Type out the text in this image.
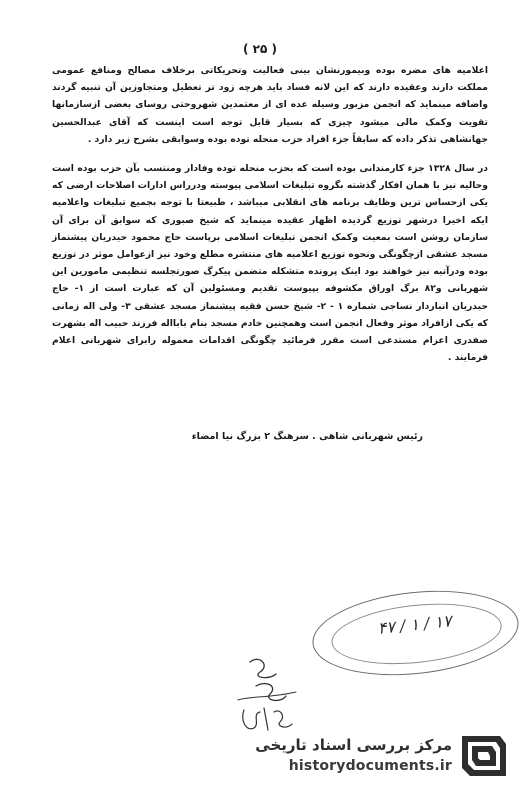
( ۲۵ )

اعلامیه های مضره بوده وبیمورنشان بینی فعالیت وتحریکاتی برخلاف مصالح ومنافع عمومی مملکت دارند وعقیده دارند که این لانه فساد باید هرچه زود تر تعطیل ومتجاوزین آن تنبیه گردند واضافه مینماید که انجمن مزبور وسیله عده ای از معتمدین شهروحتی روسای بعضی ازسازمانها تقویت وکمک مالی میشود چیزی که بسیار قابل توجه است اینست که آقای عبدالحسین جهانشاهی تذکر داده که سابقاً جزء افراد حزب منحله توده بوده وسوابقی بشرح زیر دارد .

در سال ۱۳۲۸ جزء کارمندانی بوده است که بحزب منحله توده وفادار ومنتسب بآن حزب بوده است وحالیه نیز با همان افکار گذشته بگروه تبلیغات اسلامی پیوسته ودرراس ادارات اصلاحات ارضی که یکی ازحساس ترین وظایف برنامه های انقلابی میباشد ، طبیعتا با توجه بجمیع تبلیغات واعلامیه ایکه اخیرا درشهر توزیع گردیده اظهار عقیده مینماید که شیخ صبوری که سوابق آن برای آن سازمان روشن است بمعیت وکمک انجمن تبلیغات اسلامی برپاست حاج محمود حیدریان پیشنماز مسجد عشقی ازچگونگی ونحوه توزیع اعلامیه های منتشره مطلع وخود نیز ازعوامل موثر در توزیع بوده ودرآتیه نیز خواهند بود اینک پرونده متشکله متضمن پیکرگ صورتجلسه تنظیمی مامورین این شهربانی و۸۲ برگ اوراق مکشوفه بپیوست تقدیم ومسئولین آن که عبارت است از ۱- حاج حیدریان انباردار نساجی شماره ۱ - ۲- شیخ حسن فقیه پیشنماز مسجد عشقی ۳- ولی اله زمانی که یکی ازافراد موثر وفعال انجمن است وهمچنین خادم مسجد بنام بابااله فرزند حبیب اله بشهرت صفدری اعزام مستدعی است مقرر فرمائید چگونگی اقدامات معموله رابرای شهربانی اعلام فرمایند .

رئیس شهربانی شاهی . سرهنگ ۲ بزرگ نیا امضاء
۱۷ / ۱ / ۴۷
مرکز بررسی اسناد تاریخی
historydocuments.ir
